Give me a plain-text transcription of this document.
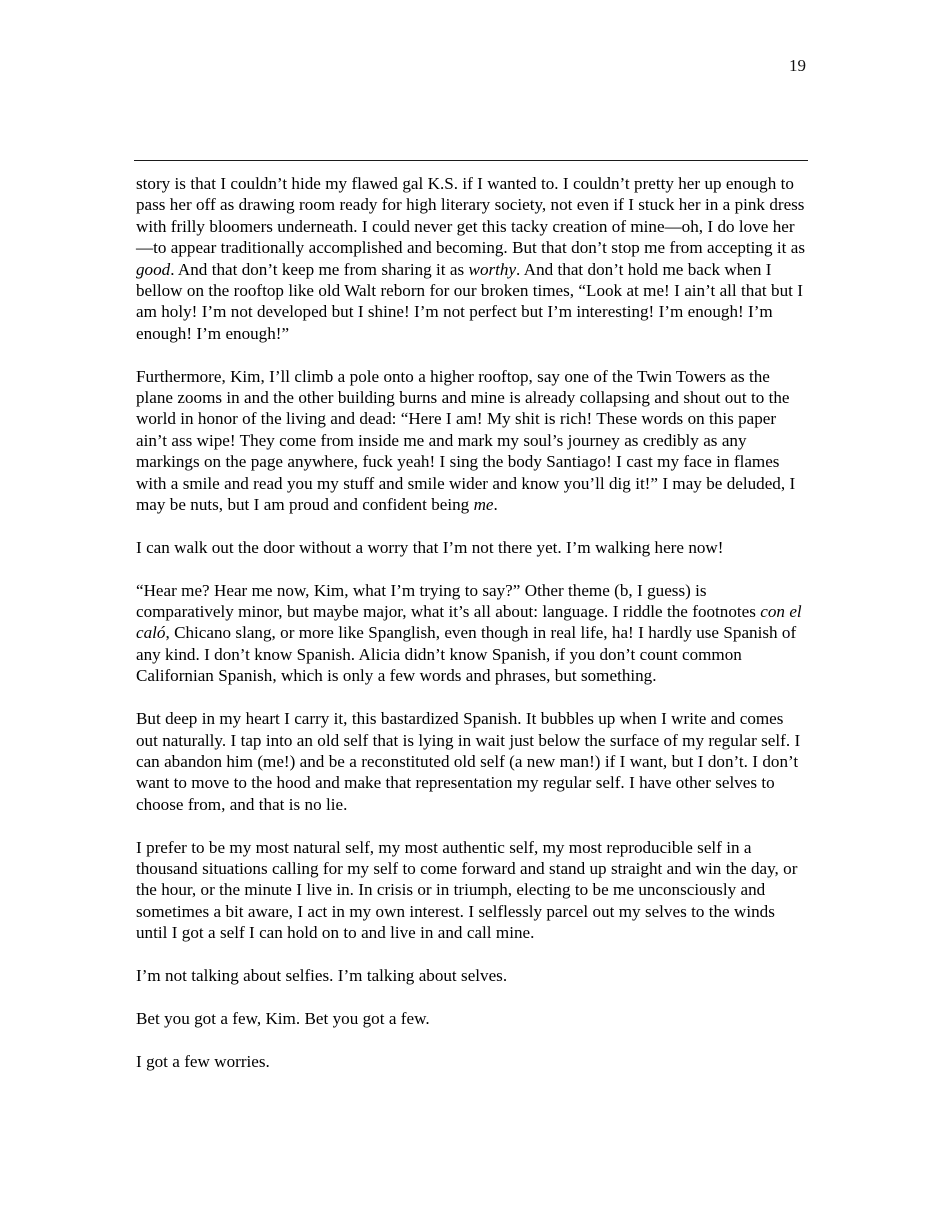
19

story is that I couldn’t hide my flawed gal K.S. if I wanted to. I couldn’t pretty her up enough to pass her off as drawing room ready for high literary society, not even if I stuck her in a pink dress with frilly bloomers underneath. I could never get this tacky creation of mine—oh, I do love her—to appear traditionally accomplished and becoming. But that don’t stop me from accepting it as good. And that don’t keep me from sharing it as worthy. And that don’t hold me back when I bellow on the rooftop like old Walt reborn for our broken times, “Look at me! I ain’t all that but I am holy! I’m not developed but I shine! I’m not perfect but I’m interesting! I’m enough! I’m enough! I’m enough!”

Furthermore, Kim, I’ll climb a pole onto a higher rooftop, say one of the Twin Towers as the plane zooms in and the other building burns and mine is already collapsing and shout out to the world in honor of the living and dead: “Here I am! My shit is rich! These words on this paper ain’t ass wipe! They come from inside me and mark my soul’s journey as credibly as any markings on the page anywhere, fuck yeah! I sing the body Santiago! I cast my face in flames with a smile and read you my stuff and smile wider and know you’ll dig it!” I may be deluded, I may be nuts, but I am proud and confident being me.

I can walk out the door without a worry that I’m not there yet. I’m walking here now!

“Hear me? Hear me now, Kim, what I’m trying to say?” Other theme (b, I guess) is comparatively minor, but maybe major, what it’s all about: language. I riddle the footnotes con el caló, Chicano slang, or more like Spanglish, even though in real life, ha! I hardly use Spanish of any kind. I don’t know Spanish. Alicia didn’t know Spanish, if you don’t count common Californian Spanish, which is only a few words and phrases, but something.

But deep in my heart I carry it, this bastardized Spanish. It bubbles up when I write and comes out naturally. I tap into an old self that is lying in wait just below the surface of my regular self. I can abandon him (me!) and be a reconstituted old self (a new man!) if I want, but I don’t. I don’t want to move to the hood and make that representation my regular self. I have other selves to choose from, and that is no lie.

I prefer to be my most natural self, my most authentic self, my most reproducible self in a thousand situations calling for my self to come forward and stand up straight and win the day, or the hour, or the minute I live in. In crisis or in triumph, electing to be me unconsciously and sometimes a bit aware, I act in my own interest. I selflessly parcel out my selves to the winds until I got a self I can hold on to and live in and call mine.

I’m not talking about selfies. I’m talking about selves.

Bet you got a few, Kim. Bet you got a few.

I got a few worries.
